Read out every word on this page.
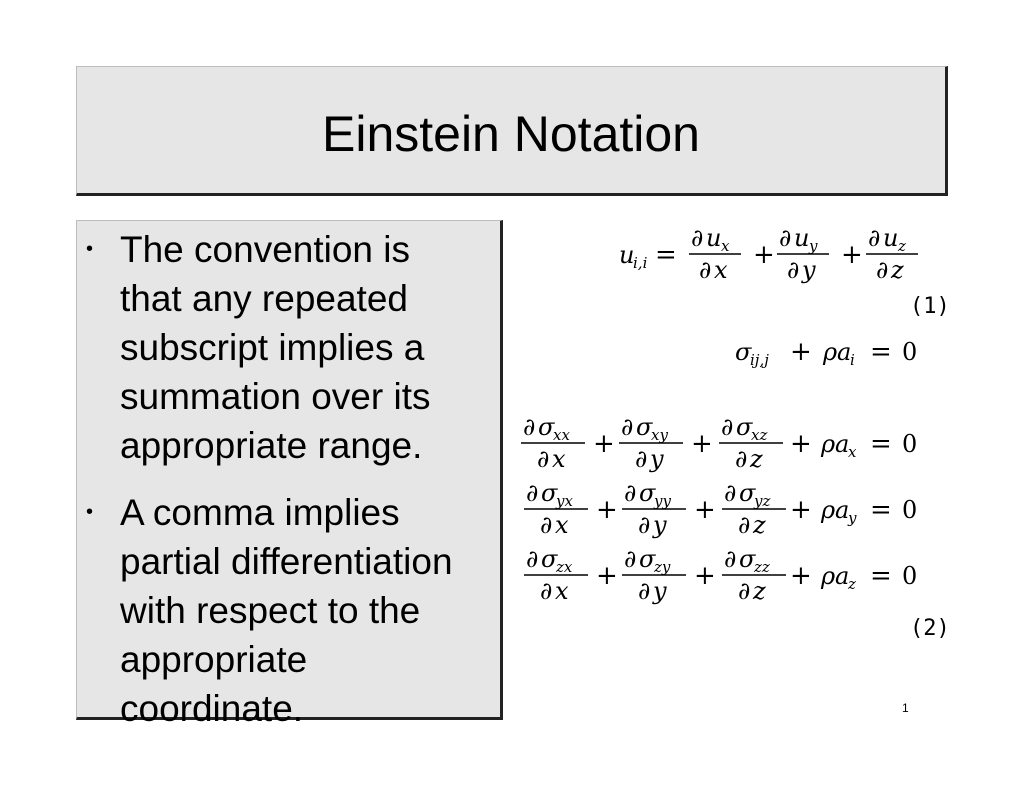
Einstein Notation
• The convention is
that any repeated
subscript implies a
summation over its
appropriate range.
• A comma implies
partial differentiation
with respect to the
appropriate
coordinate.
u
i,i =
∂ u x
∂ x +
∂ u y
∂ y +
∂ u z
∂ z
σ
ij,j + ρ a
i = 0
∂ σ
xx
∂ x +
∂ σ
xy
∂ y +
∂ σ
xz
∂ z + ρ a
x = 0
∂ σ
yx
∂ x +
∂ σ
yy
∂ y +
∂ σ
yz
∂ z + ρ a
y = 0
∂ σ
zx
∂ x +
∂ σ
zy
∂ y +
∂ σ
zz
∂ z + ρ a
z = 0
(1)
(2)
1
